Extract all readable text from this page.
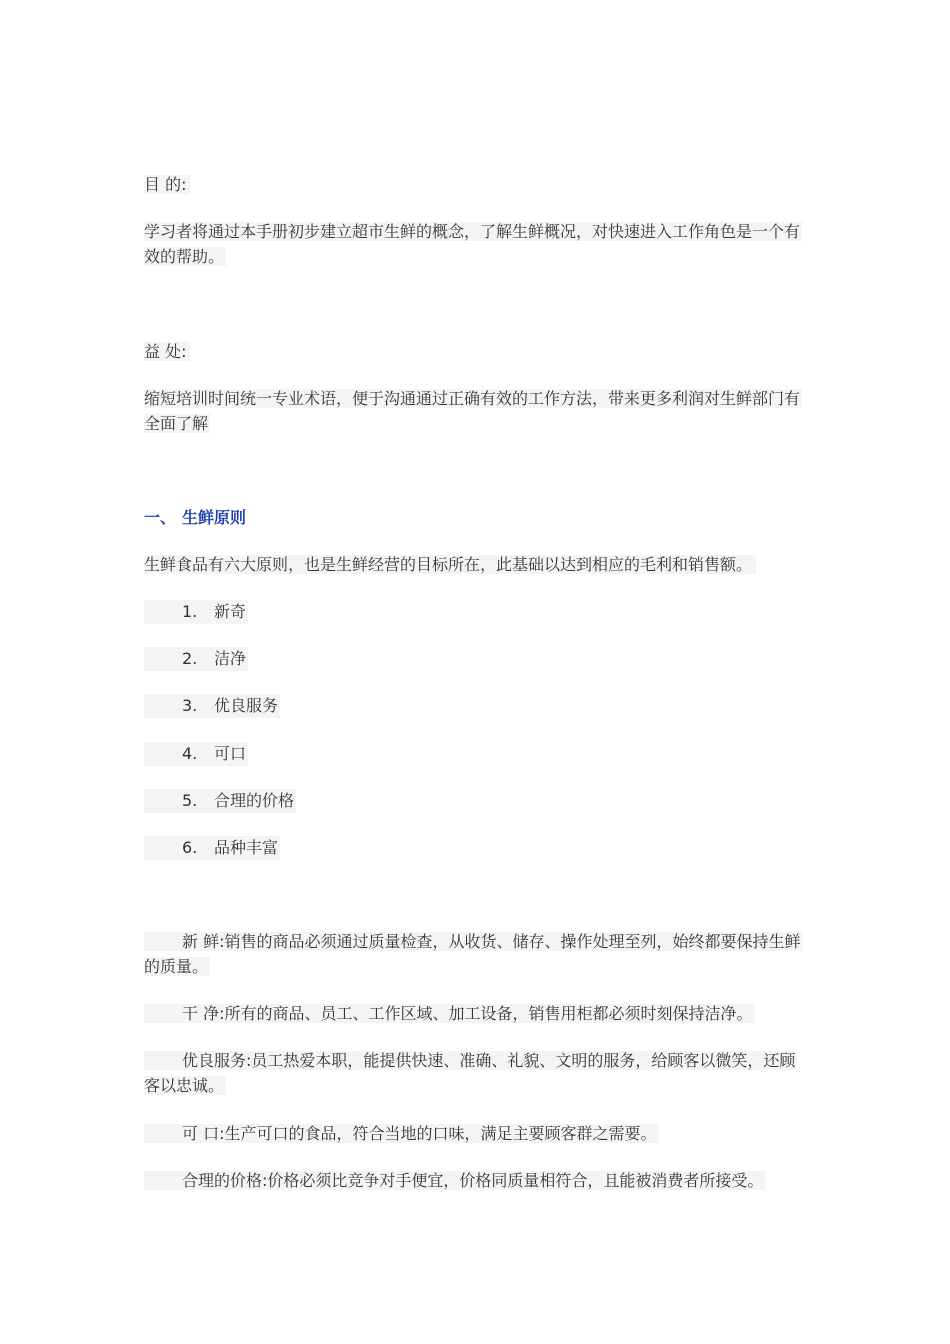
目 的:
学习者将通过本手册初步建立超市生鲜的概念，了解生鲜概况，对快速进入工作角色是一个有效的帮助。
益 处:
缩短培训时间统一专业术语，便于沟通通过正确有效的工作方法，带来更多利润对生鲜部门有全面了解
一、 生鲜原则
生鲜食品有六大原则，也是生鲜经营的目标所在，此基础以达到相应的毛利和销售额。
1. 新奇
2. 洁净
3. 优良服务
4. 可口
5. 合理的价格
6. 品种丰富
新 鲜:销售的商品必须通过质量检查，从收货、储存、操作处理至列，始终都要保持生鲜的质量。
干 净:所有的商品、员工、工作区域、加工设备，销售用柜都必须时刻保持洁净。
优良服务:员工热爱本职，能提供快速、准确、礼貌、文明的服务，给顾客以微笑，还顾客以忠诚。
可 口:生产可口的食品，符合当地的口味，满足主要顾客群之需要。
合理的价格:价格必须比竞争对手便宜，价格同质量相符合，且能被消费者所接受。
